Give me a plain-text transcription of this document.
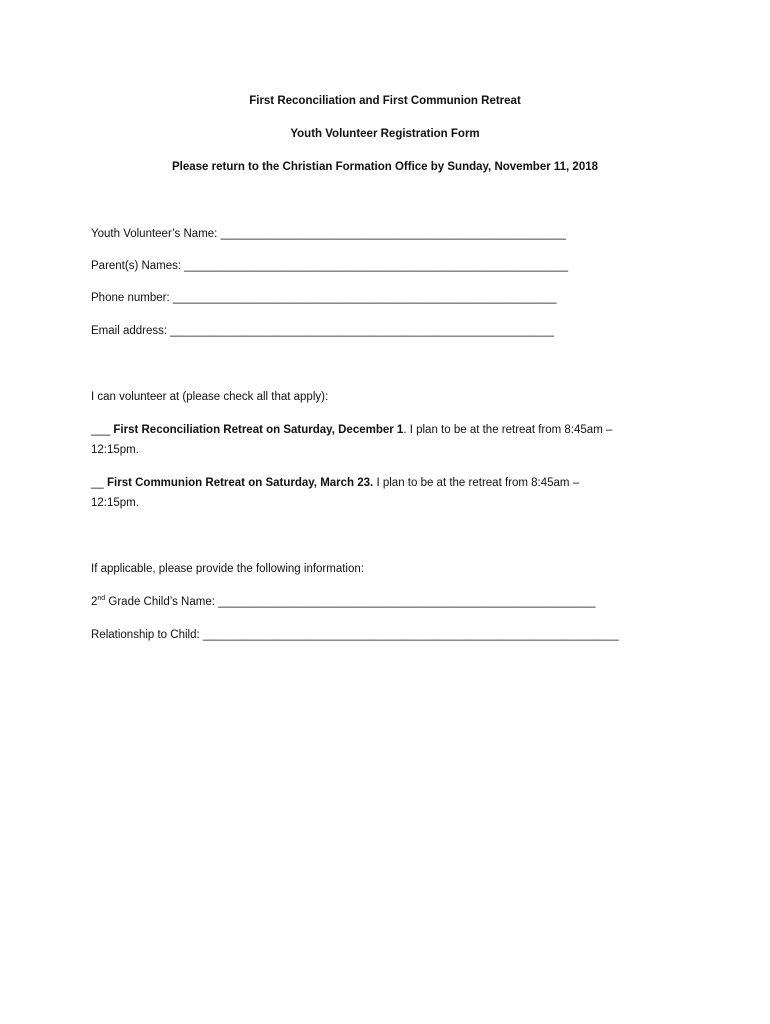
First Reconciliation and First Communion Retreat
Youth Volunteer Registration Form
Please return to the Christian Formation Office by Sunday, November 11, 2018
Youth Volunteer’s Name: ______________________________________________________
Parent(s) Names: ____________________________________________________________
Phone number: ____________________________________________________________
Email address: ____________________________________________________________
I can volunteer at (please check all that apply):
___ First Reconciliation Retreat on Saturday, December 1. I plan to be at the retreat from 8:45am –
12:15pm.
__ First Communion Retreat on Saturday, March 23. I plan to be at the retreat from 8:45am –
12:15pm.
If applicable, please provide the following information:
2nd Grade Child’s Name: ___________________________________________________________
Relationship to Child: _________________________________________________________________
